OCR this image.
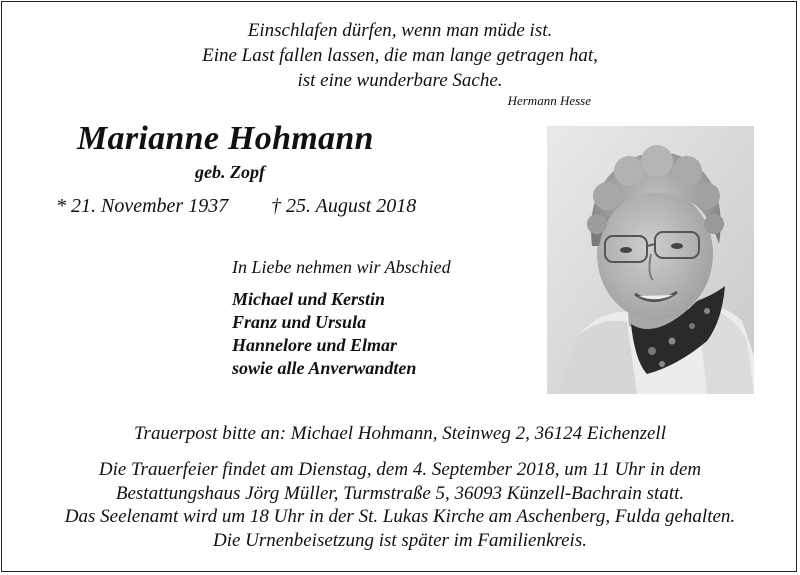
Einschlafen dürfen, wenn man müde ist.
Eine Last fallen lassen, die man lange getragen hat,
ist eine wunderbare Sache.
Hermann Hesse
Marianne Hohmann
geb. Zopf
* 21. November 1937 † 25. August 2018
In Liebe nehmen wir Abschied
Michael und Kerstin
Franz und Ursula
Hannelore und Elmar
sowie alle Anverwandten
Trauerpost bitte an: Michael Hohmann, Steinweg 2, 36124 Eichenzell
Die Trauerfeier findet am Dienstag, dem 4. September 2018, um 11 Uhr in dem
Bestattungshaus Jörg Müller, Turmstraße 5, 36093 Künzell-Bachrain statt.
Das Seelenamt wird um 18 Uhr in der St. Lukas Kirche am Aschenberg, Fulda gehalten.
Die Urnenbeisetzung ist später im Familienkreis.
